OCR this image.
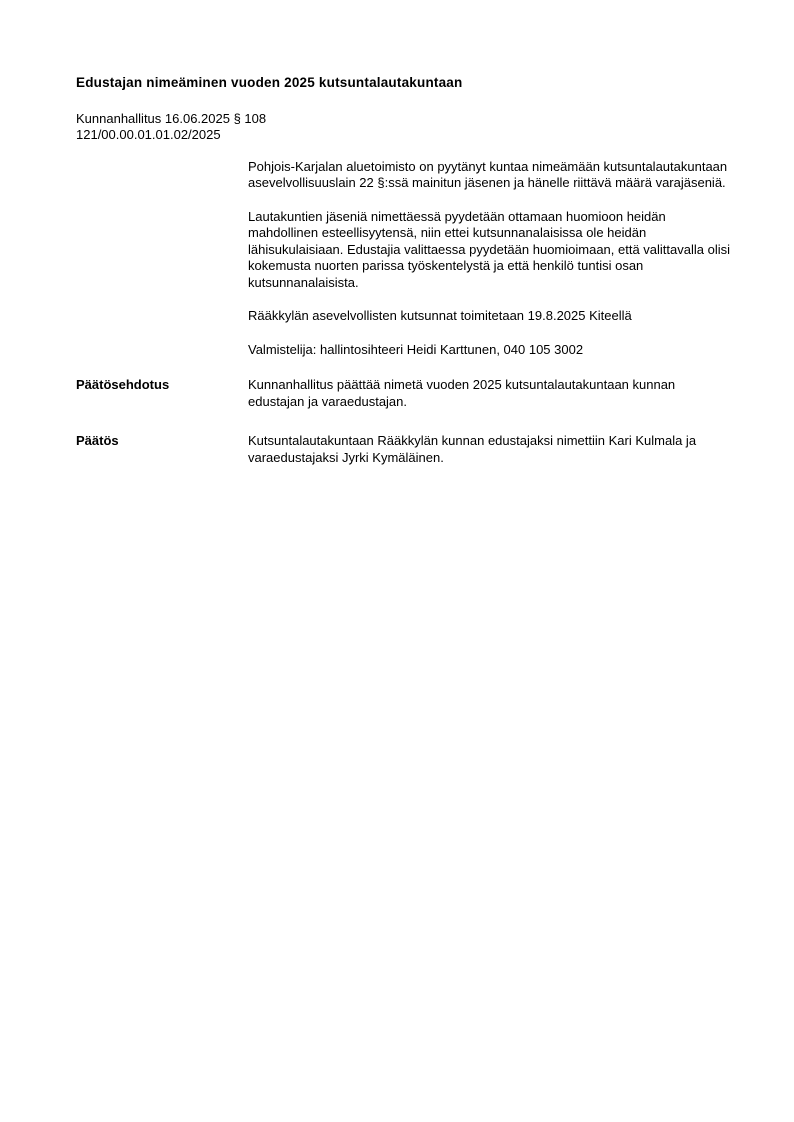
Edustajan nimeäminen vuoden 2025 kutsuntalautakuntaan
Kunnanhallitus 16.06.2025 § 108
121/00.00.01.01.02/2025

Pohjois-Karjalan aluetoimisto on pyytänyt kuntaa nimeämään kutsuntalautakuntaan asevelvollisuuslain 22 §:ssä mainitun jäsenen ja hänelle riittävä määrä varajäseniä.

Lautakuntien jäseniä nimettäessä pyydetään ottamaan huomioon heidän mahdollinen esteellisyytensä, niin ettei kutsunnanalaisissa ole heidän lähisukulaisiaan. Edustajia valittaessa pyydetään huomioimaan, että valittavalla olisi kokemusta nuorten parissa työskentelystä ja että henkilö tuntisi osan kutsunnanalaisista.

Rääkkylän asevelvollisten kutsunnat toimitetaan 19.8.2025 Kiteellä

Valmistelija: hallintosihteeri Heidi Karttunen, 040 105 3002

Päätösehdotus	Kunnanhallitus päättää nimetä vuoden 2025 kutsuntalautakuntaan kunnan edustajan ja varaedustajan.

Päätös	Kutsuntalautakuntaan Rääkkylän kunnan edustajaksi nimettiin Kari Kulmala ja varaedustajaksi Jyrki Kymäläinen.
